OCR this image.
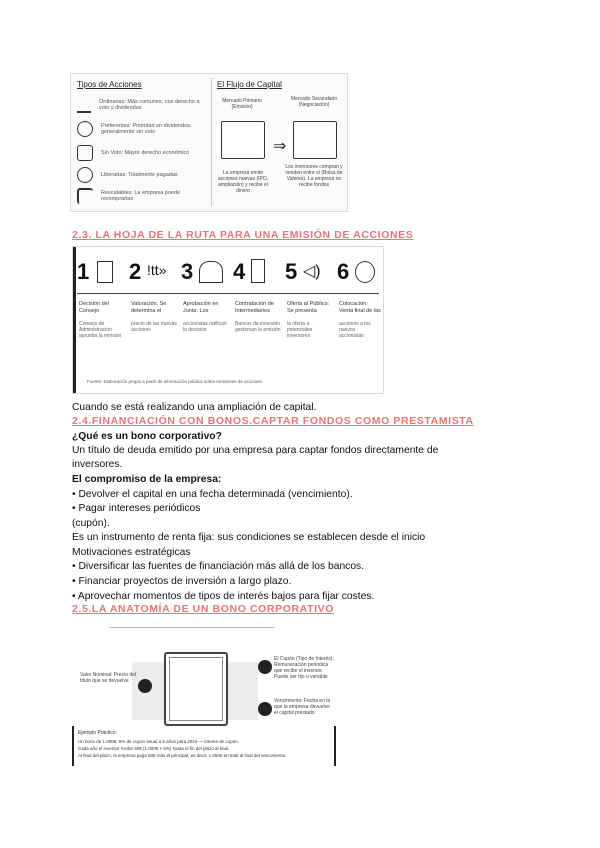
Tipos de Acciones
Ordinarias: Más comunes, con derecho a voto y dividendos
Preferentes: Prioridad en dividendos, generalmente sin voto
Sin Voto: Mayor derecho económico
Liberadas: Totalmente pagadas
Rescatables: La empresa puede recomprarlas
El Flujo de Capital
Mercado Primario (Emisión)
La empresa emite acciones nuevas (IPO, ampliación) y recibe el dinero
⇒
Mercado Secundario (Negociación)
Los inversores compran y venden entre sí (Bolsa de Valores). La empresa no recibe fondos
2.3. LA HOJA DE LA RUTA PARA UNA EMISIÓN DE ACCIONES
1	2 !tt» 3	4	5 ◁) 6
Decisión del Consejo
Consejo de Administración aprueba la emisión
Valoración: Se determina el
precio de las nuevas acciones
Aprobación en Junta: Los
accionistas ratifican la decisión
Contratación de Intermediarios
Bancos de inversión gestionan la emisión
Oferta al Público: Se presenta
la oferta a potenciales inversores
Colocación: Venta final de las
acciones a los nuevos accionistas
Fuente: Elaboración propia a partir de información pública sobre emisiones de acciones
Cuando se está realizando una ampliación de capital.
2.4.FINANCIACIÓN CON BONOS.CAPTAR FONDOS COMO PRESTAMISTA
¿Qué es un bono corporativo?
Un título de deuda emitido por una empresa para captar fondos directamente de
inversores.
El compromiso de la empresa:
• Devolver el capital en una fecha determinada (vencimiento).
• Pagar intereses periódicos
(cupón).
Es un instrumento de renta fija: sus condiciones se establecen desde el inicio
Motivaciones estratégicas
• Diversificar las fuentes de financiación más allá de los bancos.
• Financiar proyectos de inversión a largo plazo.
• Aprovechar momentos de tipos de interés bajos para fijar costes.
2.5.LA ANATOMÍA DE UN BONO CORPORATIVO
Valor Nominal: Precio del título que se devuelve
El Cupón (Tipo de Interés): Remuneración periódica que recibe el inversor. Puede ser fijo o variable
Vencimiento: Fecha en la que la empresa devuelve el capital prestado
Ejemplo Práctico:
Un bono de 1.000€, 5% de cupón anual a 5 años para 2024 — interés de cupón.
Cada año el inversor recibe 50€ (1.000€ × 5%) hasta el fin del plazo al final.
Al final del plazo, la empresa paga 50€ más el principal, es decir, 1.050€ en total al final del vencimiento.
